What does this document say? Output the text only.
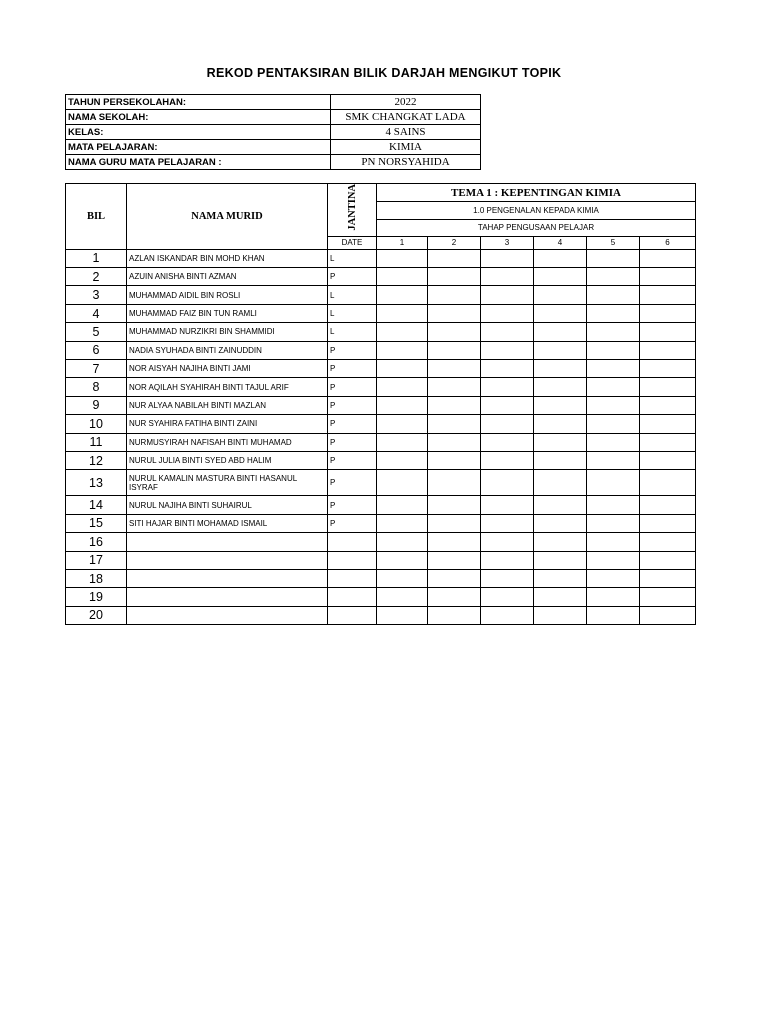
REKOD PENTAKSIRAN BILIK DARJAH MENGIKUT TOPIK
TAHUN PERSEKOLAHAN:	2022
NAMA SEKOLAH:	SMK CHANGKAT LADA
KELAS:	4 SAINS
MATA PELAJARAN:	KIMIA
NAMA GURU MATA PELAJARAN :	PN NORSYAHIDA
BIL	NAMA MURID	JANTINA	TEMA 1 : KEPENTINGAN KIMIA					
			1.0 PENGENALAN KEPADA KIMIA					
			TAHAP PENGUSAAN PELAJAR					
		DATE	1	2	3	4	5	6
1	AZLAN ISKANDAR BIN MOHD KHAN	L						
2	AZUIN ANISHA BINTI AZMAN	P						
3	MUHAMMAD AIDIL BIN ROSLI	L						
4	MUHAMMAD FAIZ BIN TUN RAMLI	L						
5	MUHAMMAD NURZIKRI BIN SHAMMIDI	L						
6	NADIA SYUHADA BINTI ZAINUDDIN	P						
7	NOR AISYAH NAJIHA BINTI JAMI	P						
8	NOR AQILAH SYAHIRAH BINTI TAJUL ARIF	P						
9	NUR ALYAA NABILAH BINTI MAZLAN	P						
10	NUR SYAHIRA FATIHA BINTI ZAINI	P						
11	NURMUSYIRAH NAFISAH BINTI MUHAMAD	P						
12	NURUL JULIA BINTI SYED ABD HALIM	P						
13	NURUL KAMALIN MASTURA BINTI HASANUL ISYRAF	P						
14	NURUL NAJIHA BINTI SUHAIRUL	P						
15	SITI HAJAR BINTI MOHAMAD ISMAIL	P						
16								
17								
18								
19								
20								
